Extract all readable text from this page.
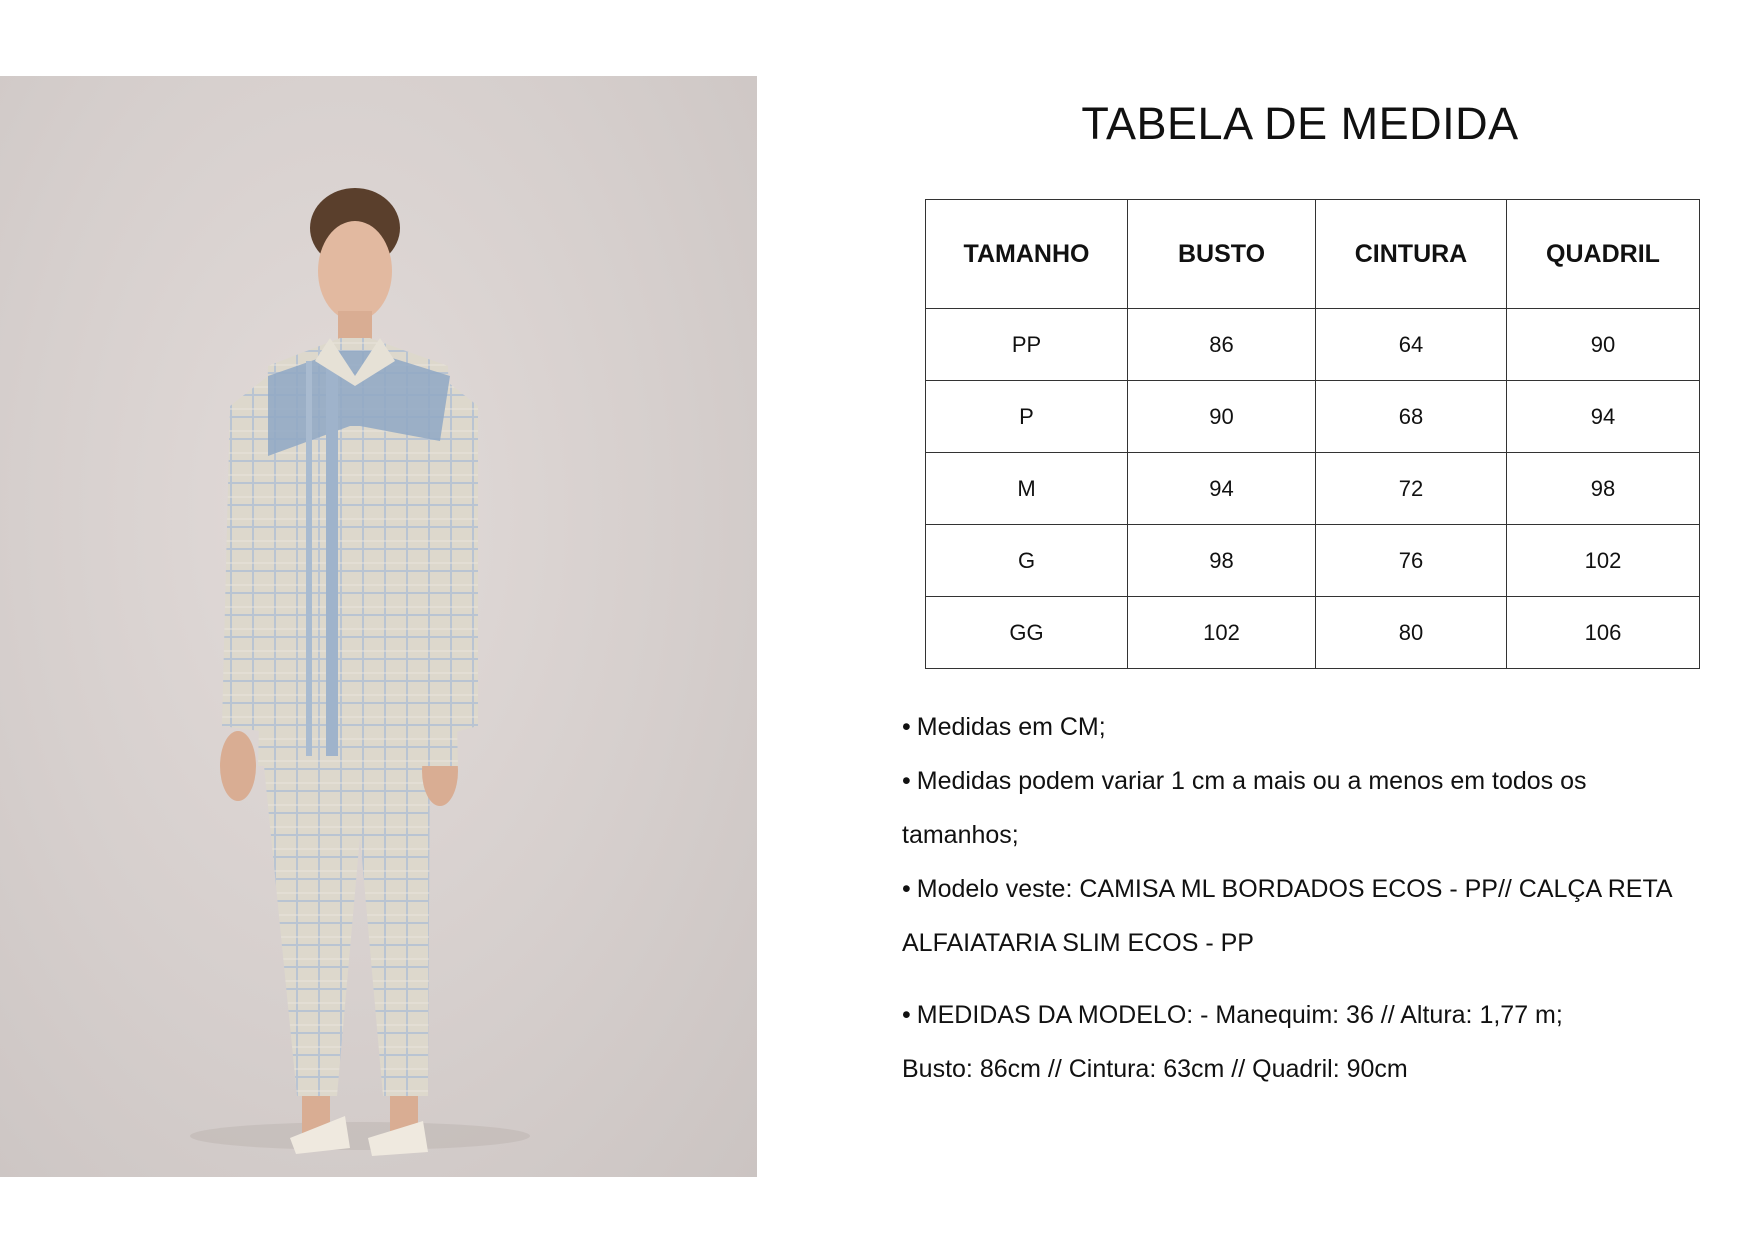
TABELA DE MEDIDA
TAMANHO	BUSTO	CINTURA	QUADRIL
PP	86	64	90
P	90	68	94
M	94	72	98
G	98	76	102
GG	102	80	106

• Medidas em CM;

• Medidas podem variar 1 cm a mais ou a menos em todos os

tamanhos;

• Modelo veste: CAMISA ML BORDADOS ECOS - PP// CALÇA RETA

ALFAIATARIA SLIM ECOS - PP

• MEDIDAS DA MODELO: - Manequim: 36 // Altura: 1,77 m;

Busto: 86cm // Cintura: 63cm // Quadril: 90cm
